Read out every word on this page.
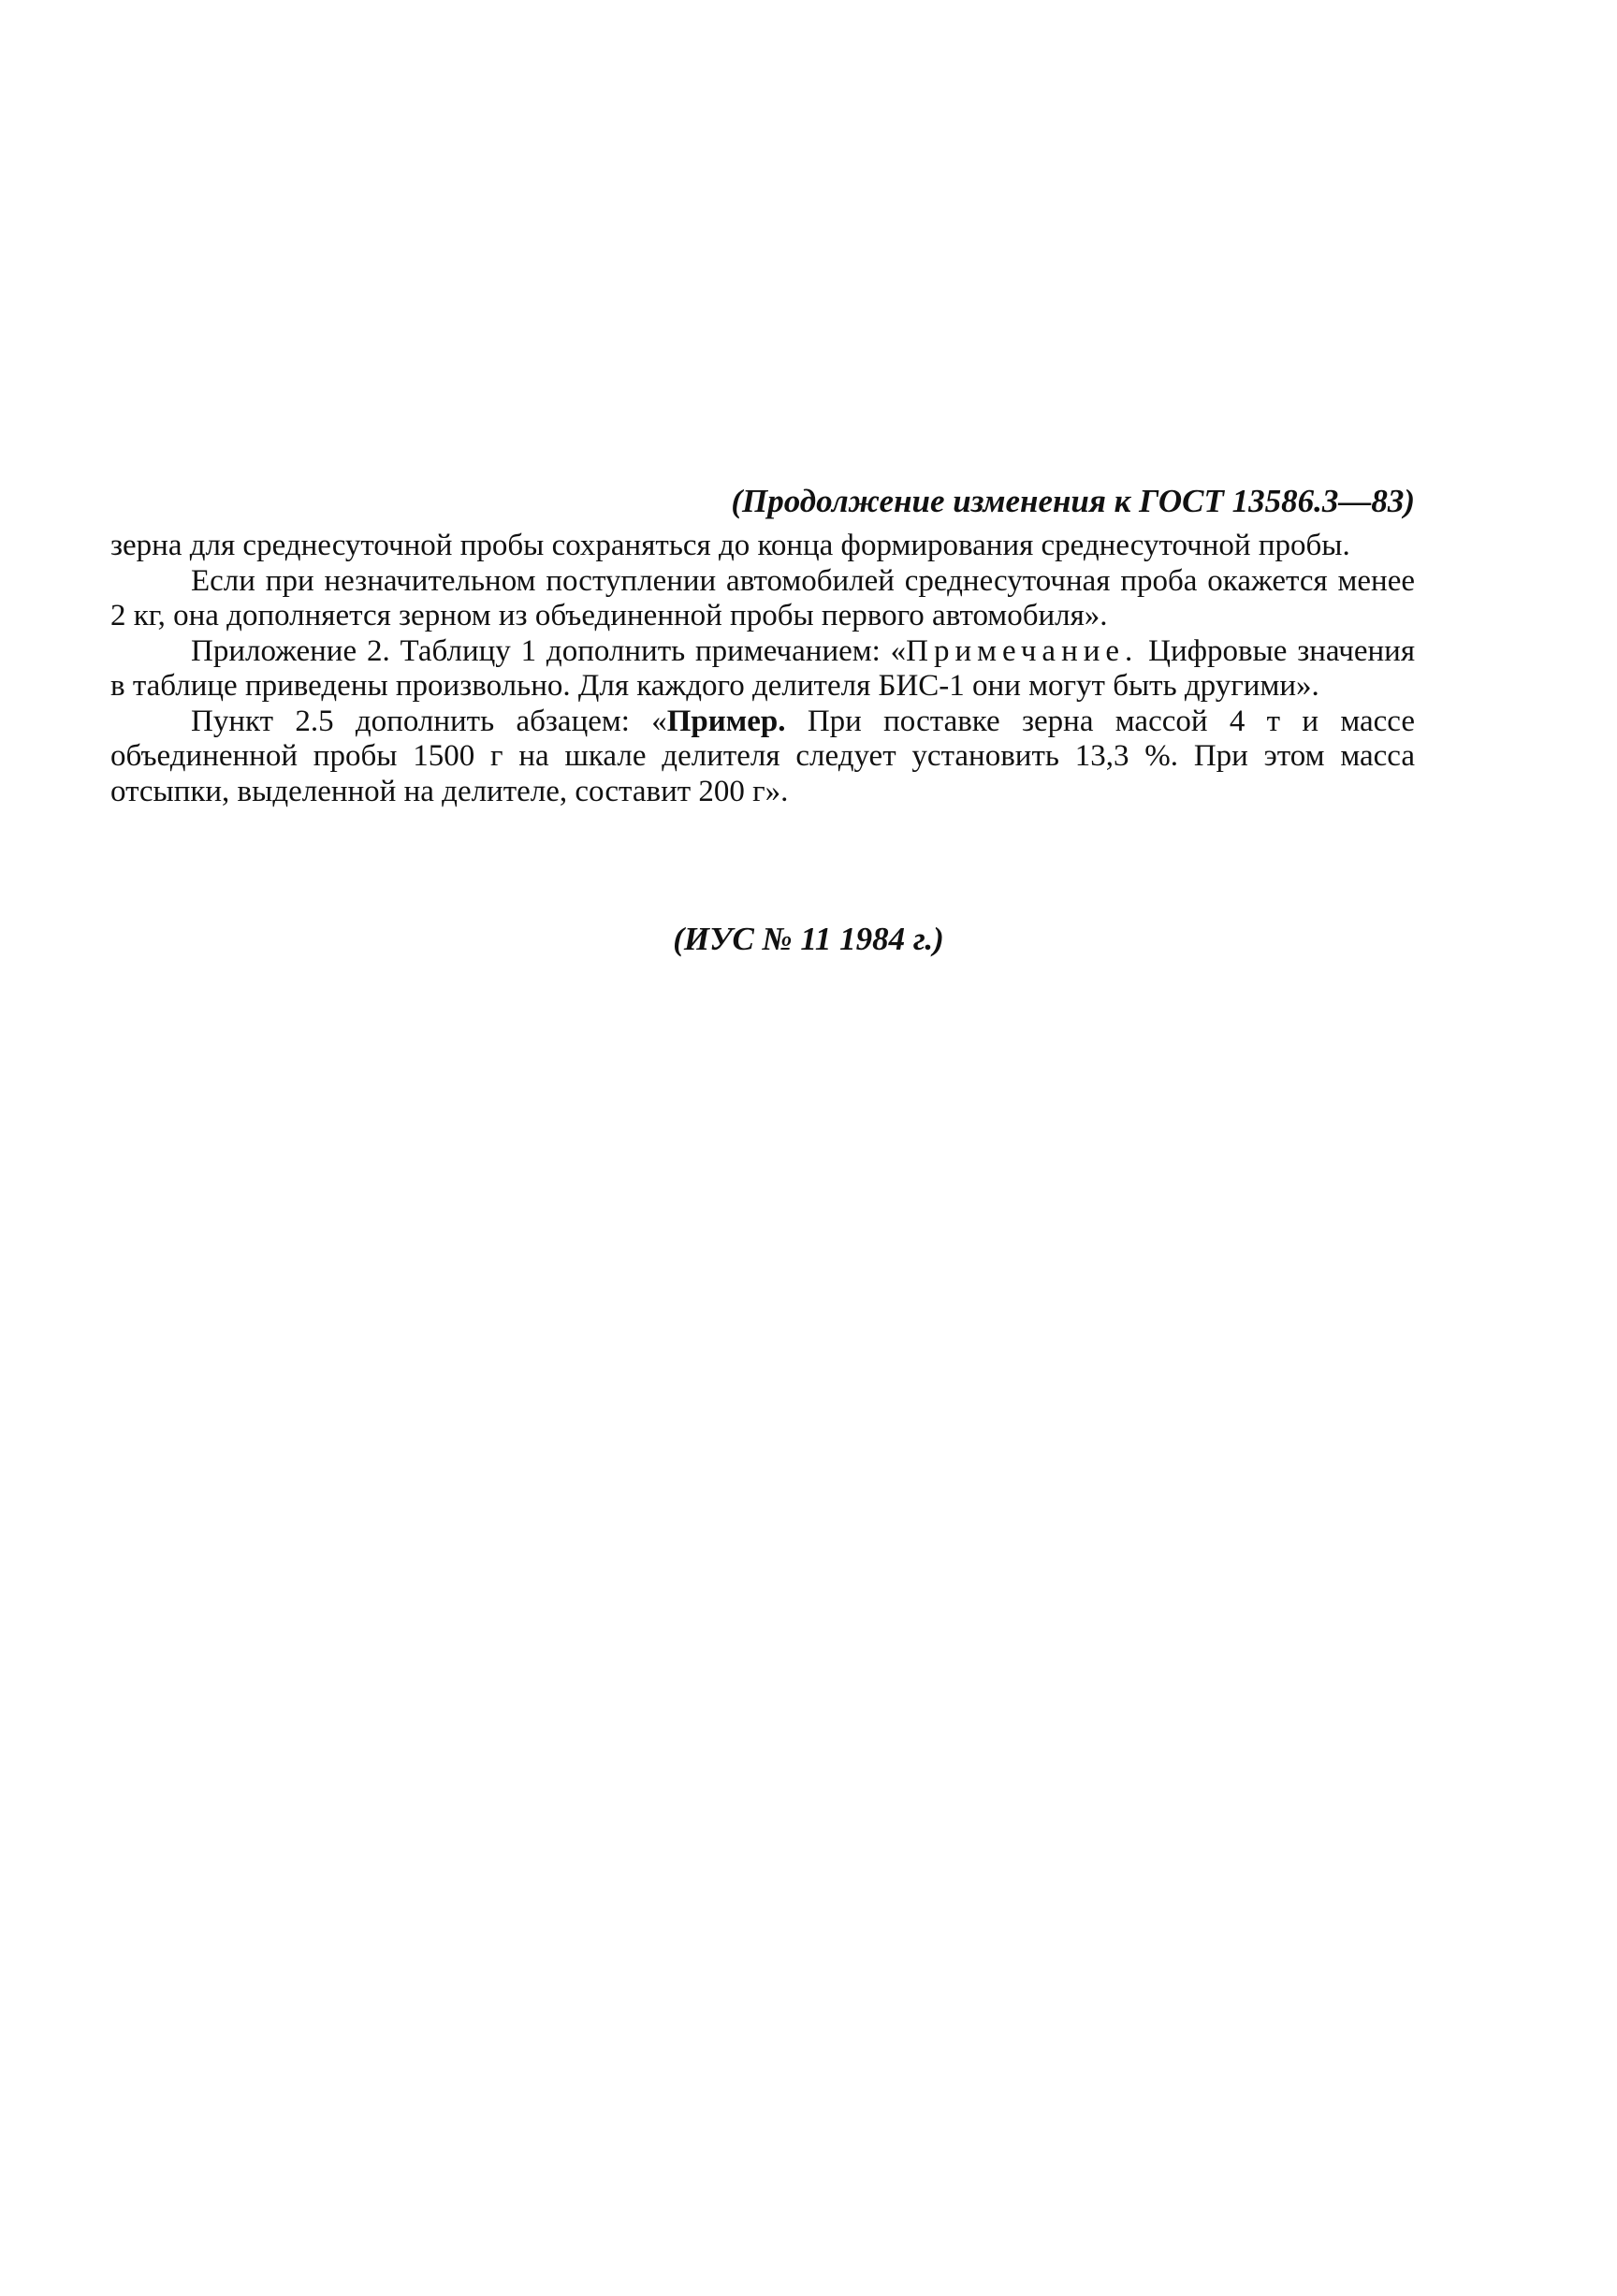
(Продолжение изменения к ГОСТ 13586.3—83)

зерна для среднесуточной пробы сохраняться до конца формирования среднесуточной пробы.

Если при незначительном поступлении автомобилей среднесуточная проба окажется менее 2 кг, она дополняется зерном из объединенной пробы первого автомобиля».

Приложение 2. Таблицу 1 дополнить примечанием: «Примечание. Цифровые значения в таблице приведены произвольно. Для каждого делителя БИС-1 они могут быть другими».

Пункт 2.5 дополнить абзацем: «Пример. При поставке зерна массой 4 т и массе объединенной пробы 1500 г на шкале делителя следует установить 13,3 %. При этом масса отсыпки, выделенной на делителе, составит 200 г».

(ИУС № 11 1984 г.)
